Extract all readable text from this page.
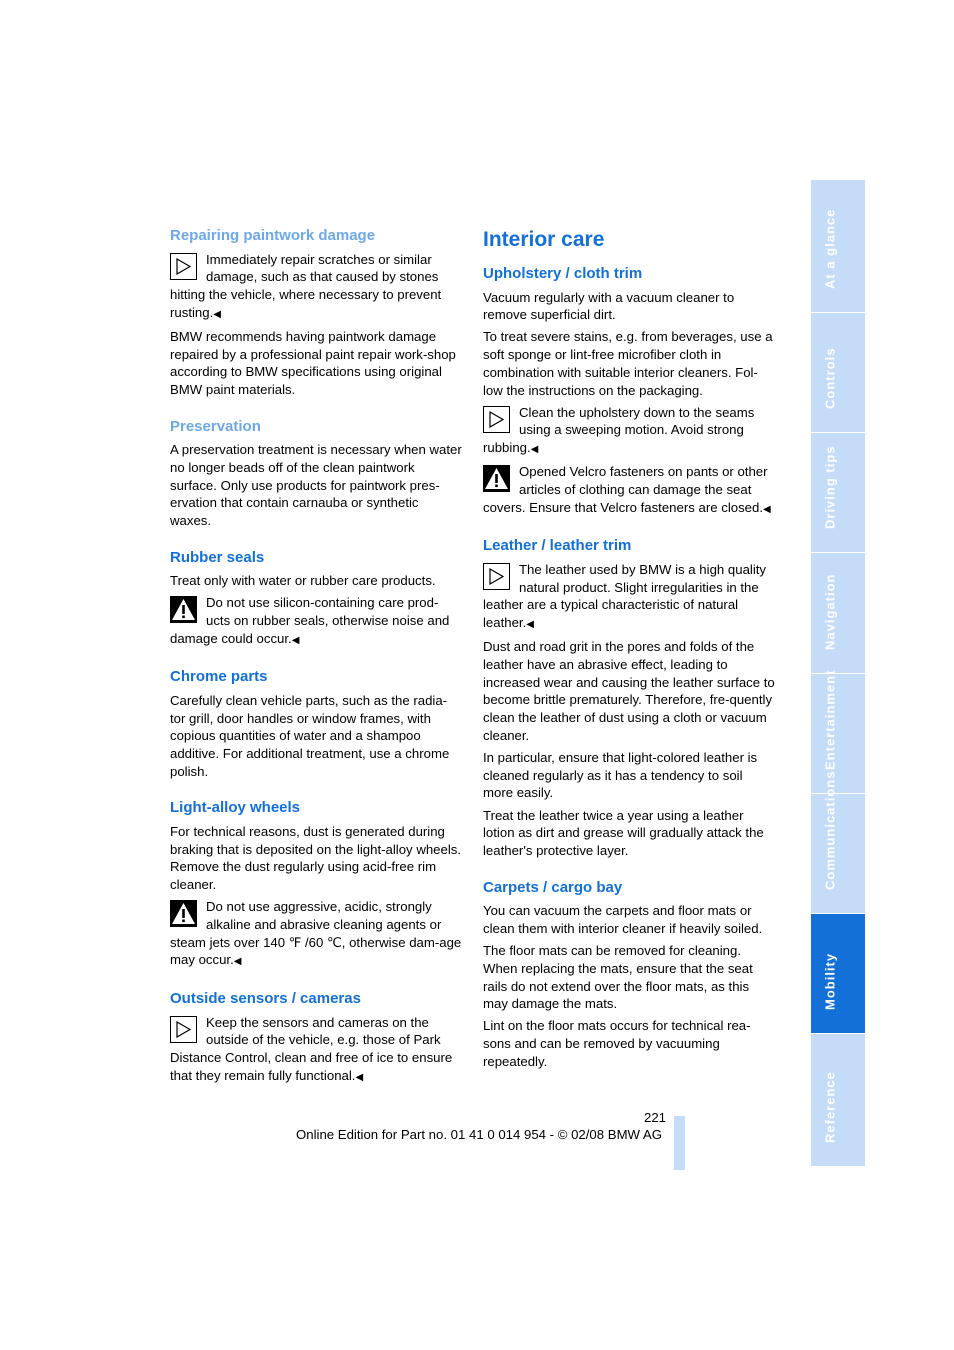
Repairing paintwork damage

Immediately repair scratches or similar damage, such as that caused by stones hitting the vehicle, where necessary to prevent rusting.◀

BMW recommends having paintwork damage repaired by a professional paint repair work-shop according to BMW specifications using original BMW paint materials.

Preservation

A preservation treatment is necessary when water no longer beads off of the clean paintwork surface. Only use products for paintwork pres-ervation that contain carnauba or synthetic waxes.

Rubber seals

Treat only with water or rubber care products.

Do not use silicon-containing care prod-ucts on rubber seals, otherwise noise and damage could occur.◀

Chrome parts

Carefully clean vehicle parts, such as the radia-tor grill, door handles or window frames, with copious quantities of water and a shampoo additive. For additional treatment, use a chrome polish.

Light-alloy wheels

For technical reasons, dust is generated during braking that is deposited on the light-alloy wheels. Remove the dust regularly using acid-free rim cleaner.

Do not use aggressive, acidic, strongly alkaline and abrasive cleaning agents or steam jets over 140 ℉ /60 ℃, otherwise dam-age may occur.◀

Outside sensors / cameras

Keep the sensors and cameras on the outside of the vehicle, e.g. those of Park Distance Control, clean and free of ice to ensure that they remain fully functional.◀

Interior care
Upholstery / cloth trim

Vacuum regularly with a vacuum cleaner to remove superficial dirt.

To treat severe stains, e.g. from beverages, use a soft sponge or lint-free microfiber cloth in combination with suitable interior cleaners. Fol-low the instructions on the packaging.

Clean the upholstery down to the seams using a sweeping motion. Avoid strong rubbing.◀

Opened Velcro fasteners on pants or other articles of clothing can damage the seat covers. Ensure that Velcro fasteners are closed.◀

Leather / leather trim

The leather used by BMW is a high quality natural product. Slight irregularities in the leather are a typical characteristic of natural leather.◀

Dust and road grit in the pores and folds of the leather have an abrasive effect, leading to increased wear and causing the leather surface to become brittle prematurely. Therefore, fre-quently clean the leather of dust using a cloth or vacuum cleaner.

In particular, ensure that light-colored leather is cleaned regularly as it has a tendency to soil more easily.

Treat the leather twice a year using a leather lotion as dirt and grease will gradually attack the leather's protective layer.

Carpets / cargo bay

You can vacuum the carpets and floor mats or clean them with interior cleaner if heavily soiled.

The floor mats can be removed for cleaning. When replacing the mats, ensure that the seat rails do not extend over the floor mats, as this may damage the mats.

Lint on the floor mats occurs for technical rea-sons and can be removed by vacuuming repeatedly.

At a glance
Controls
Driving tips
Navigation
Entertainment
Communications
Mobility
Reference
221
Online Edition for Part no. 01 41 0 014 954 - © 02/08 BMW AG
